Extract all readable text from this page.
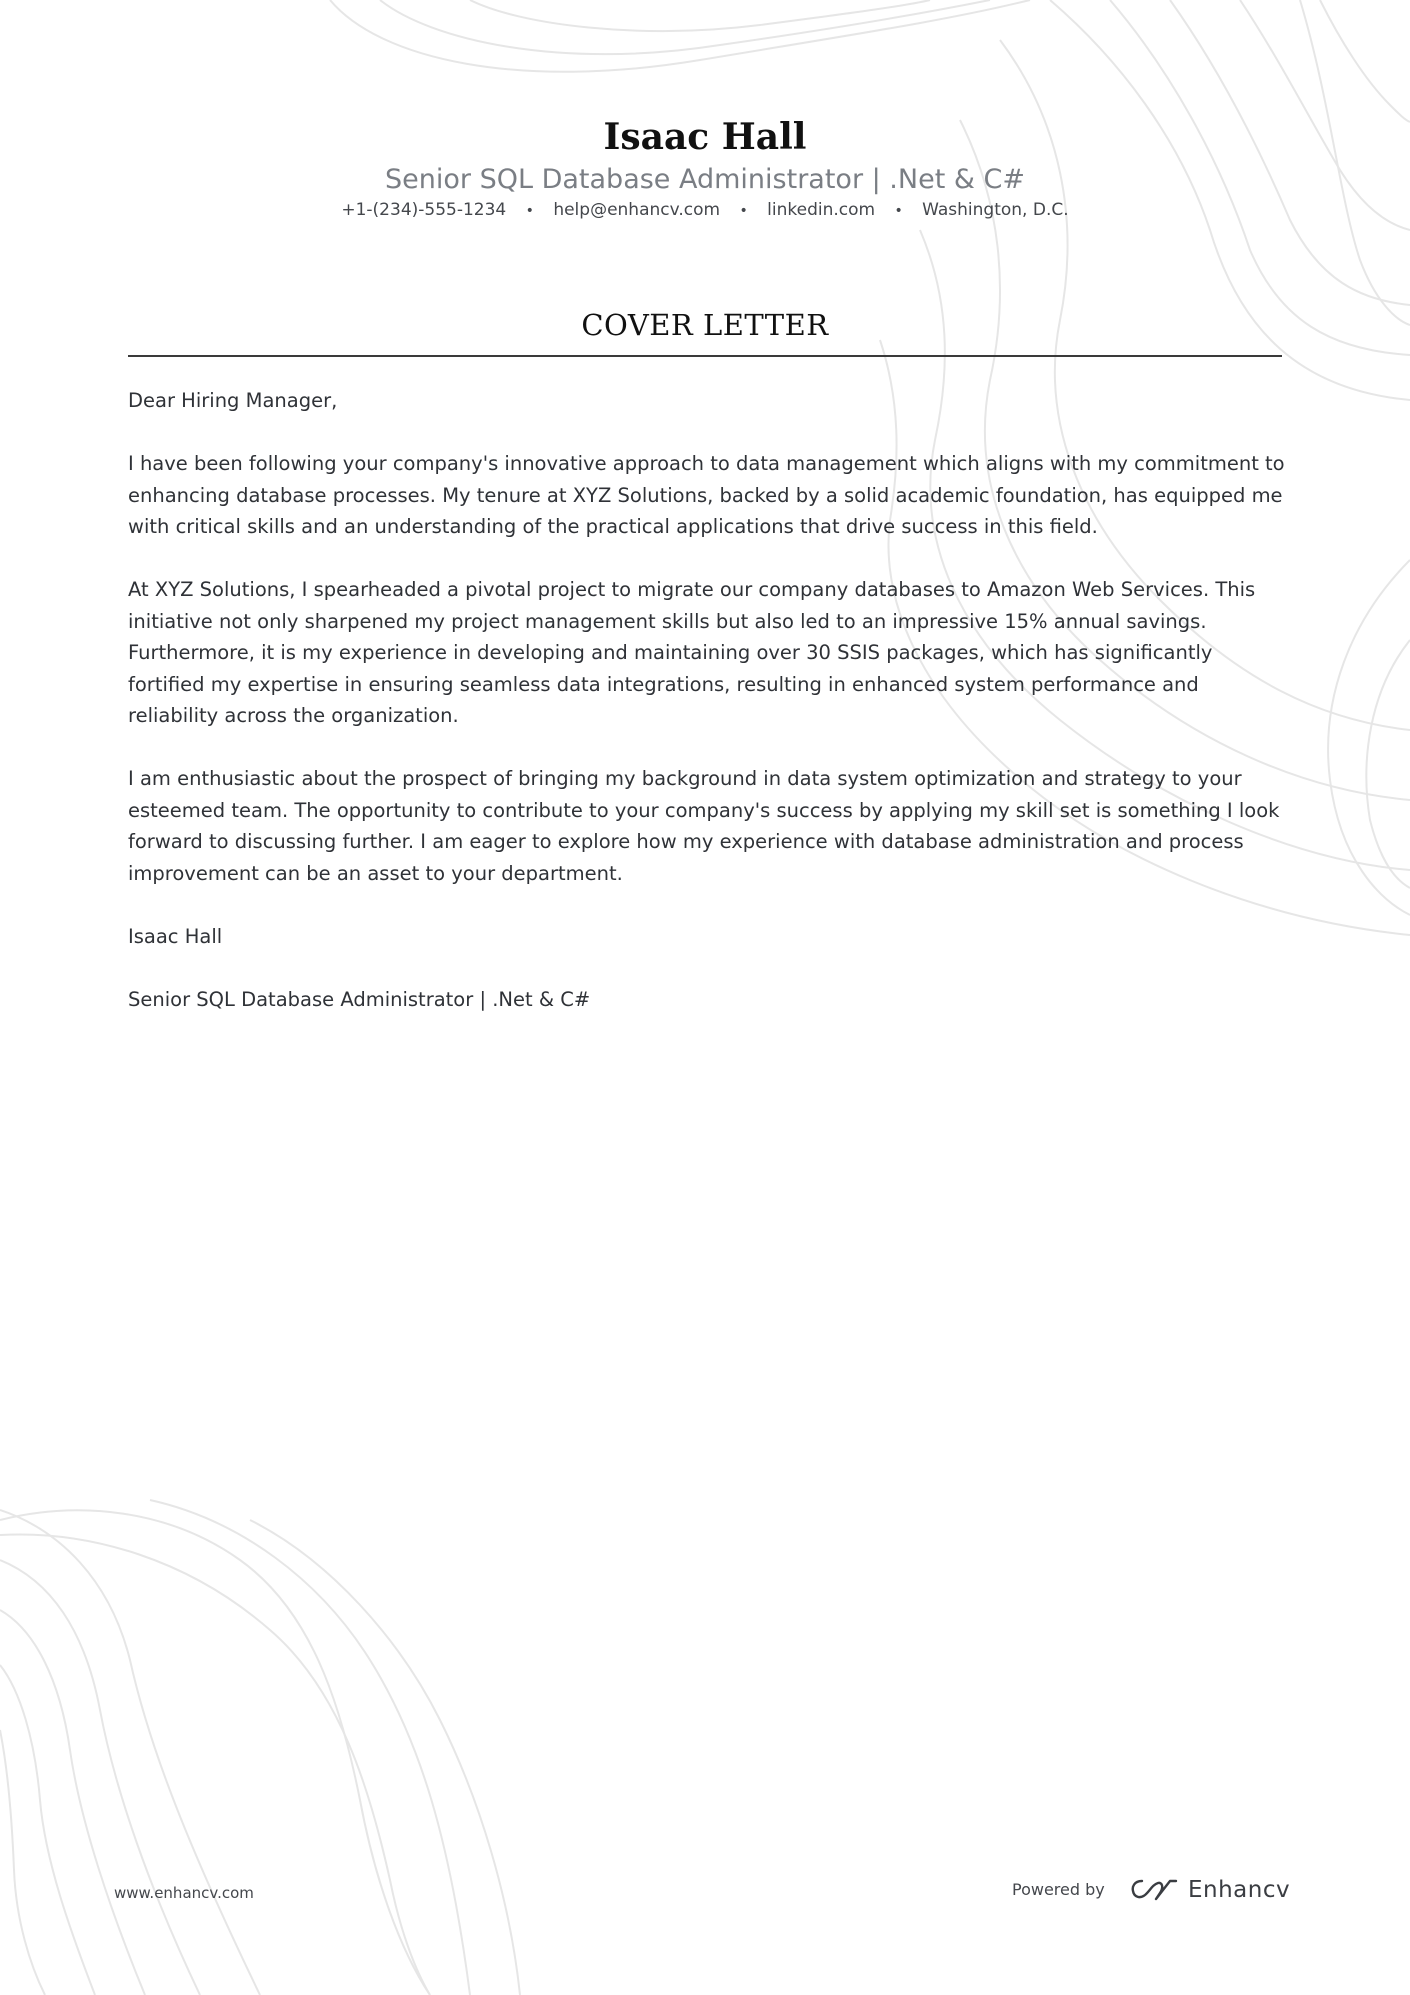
Isaac Hall
Senior SQL Database Administrator | .Net & C#
+1-(234)-555-1234 • help@enhancv.com • linkedin.com • Washington, D.C.
COVER LETTER

Dear Hiring Manager,

I have been following your company's innovative approach to data management which aligns with my commitment to enhancing database processes. My tenure at XYZ Solutions, backed by a solid academic foundation, has equipped me with critical skills and an understanding of the practical applications that drive success in this field.

At XYZ Solutions, I spearheaded a pivotal project to migrate our company databases to Amazon Web Services. This initiative not only sharpened my project management skills but also led to an impressive 15% annual savings. Furthermore, it is my experience in developing and maintaining over 30 SSIS packages, which has significantly fortified my expertise in ensuring seamless data integrations, resulting in enhanced system performance and reliability across the organization.

I am enthusiastic about the prospect of bringing my background in data system optimization and strategy to your esteemed team. The opportunity to contribute to your company's success by applying my skill set is something I look forward to discussing further. I am eager to explore how my experience with database administration and process improvement can be an asset to your department.

Isaac Hall

Senior SQL Database Administrator | .Net & C#

www.enhancv.com	Powered by	Enhancv
